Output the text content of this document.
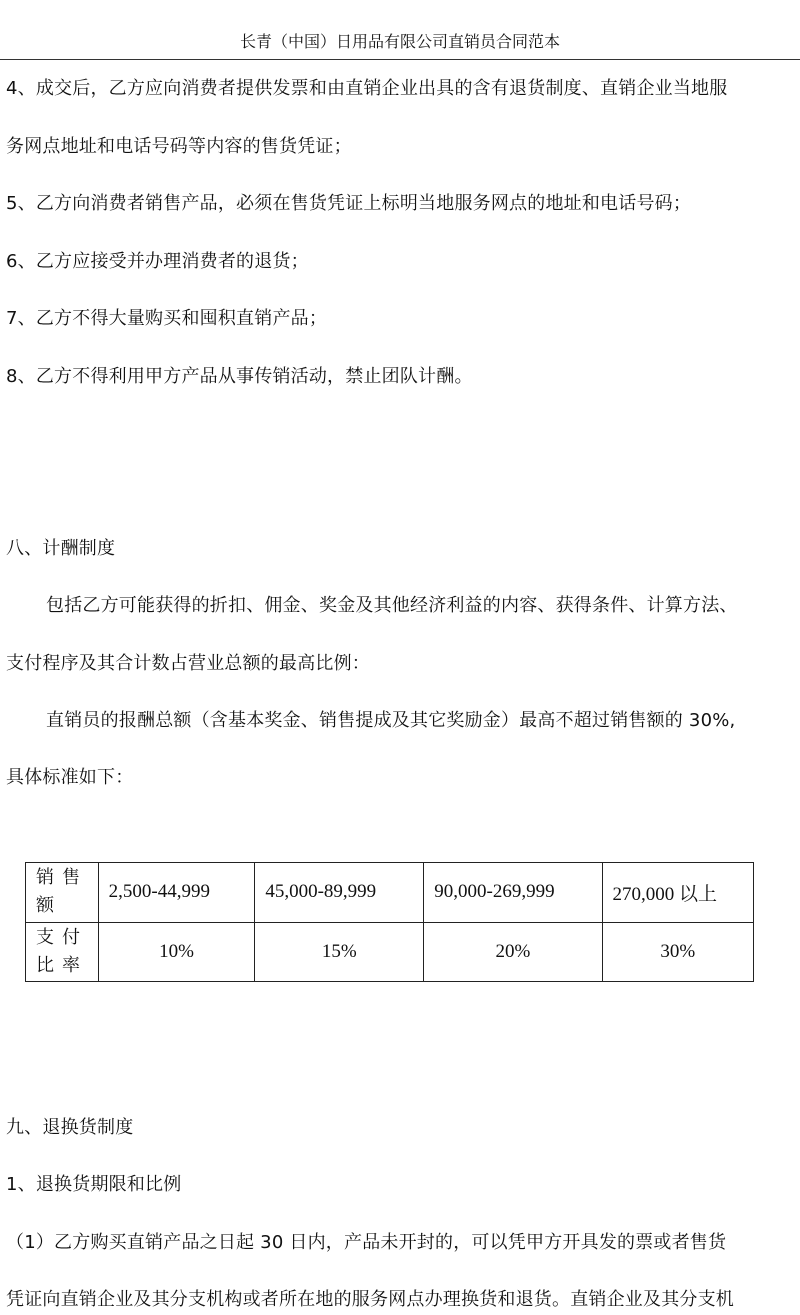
长青（中国）日用品有限公司直销员合同范本
4、成交后，乙方应向消费者提供发票和由直销企业出具的含有退货制度、直销企业当地服
务网点地址和电话号码等内容的售货凭证；
5、乙方向消费者销售产品，必须在售货凭证上标明当地服务网点的地址和电话号码；
6、乙方应接受并办理消费者的退货；
7、乙方不得大量购买和囤积直销产品；
8、乙方不得利用甲方产品从事传销活动，禁止团队计酬。
八、计酬制度
包括乙方可能获得的折扣、佣金、奖金及其他经济利益的内容、获得条件、计算方法、
支付程序及其合计数占营业总额的最高比例：
直销员的报酬总额（含基本奖金、销售提成及其它奖励金）最高不超过销售额的 30%,
具体标准如下：
销售额	2,500-44,999	45,000-89,999	90,000-269,999	270,000 以上
支付比率	10%	15%	20%	30%
九、退换货制度
1、退换货期限和比例
（1）乙方购买直销产品之日起 30 日内，产品未开封的，可以凭甲方开具发的票或者售货
凭证向直销企业及其分支机构或者所在地的服务网点办理换货和退货。直销企业及其分支机
